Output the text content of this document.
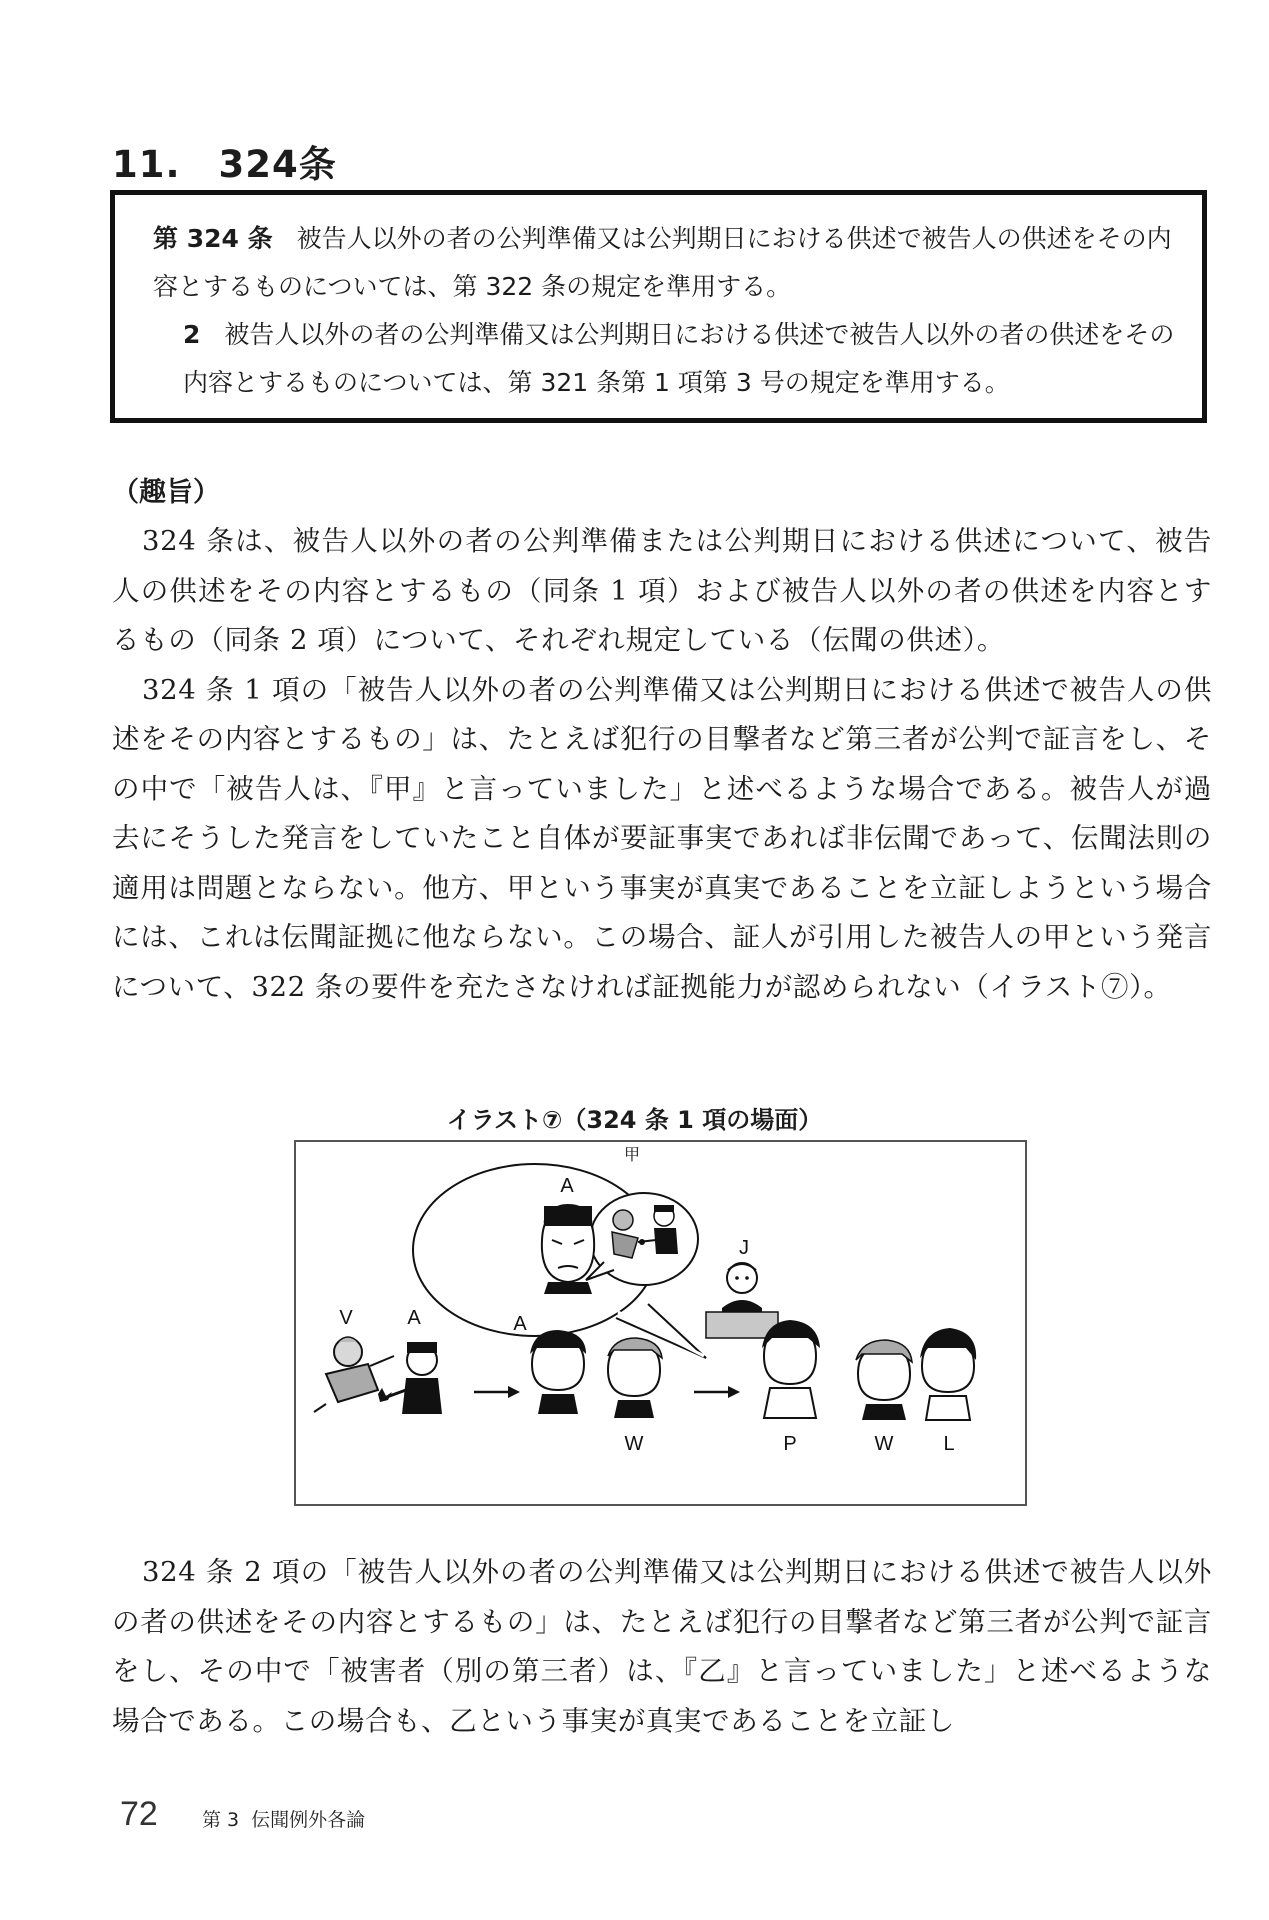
11. 324条

第 324 条 被告人以外の者の公判準備又は公判期日における供述で被告人の供述をその内容とするものについては、第 322 条の規定を準用する。

2 被告人以外の者の公判準備又は公判期日における供述で被告人以外の者の供述をその内容とするものについては、第 321 条第 1 項第 3 号の規定を準用する。

（趣旨）

324 条は、被告人以外の者の公判準備または公判期日における供述について、被告人の供述をその内容とするもの（同条 1 項）および被告人以外の者の供述を内容とするもの（同条 2 項）について、それぞれ規定している（伝聞の供述）。

324 条 1 項の「被告人以外の者の公判準備又は公判期日における供述で被告人の供述をその内容とするもの」は、たとえば犯行の目撃者など第三者が公判で証言をし、その中で「被告人は、『甲』と言っていました」と述べるような場合である。被告人が過去にそうした発言をしていたこと自体が要証事実であれば非伝聞であって、伝聞法則の適用は問題とならない。他方、甲という事実が真実であることを立証しようという場合には、これは伝聞証拠に他ならない。この場合、証人が引用した被告人の甲という発言について、322 条の要件を充たさなければ証拠能力が認められない（イラスト⑦）。

イラスト⑦（324 条 1 項の場面）

甲
A
J
V	A	A
W	P	W L

324 条 2 項の「被告人以外の者の公判準備又は公判期日における供述で被告人以外の者の供述をその内容とするもの」は、たとえば犯行の目撃者など第三者が公判で証言をし、その中で「被害者（別の第三者）は、『乙』と言っていました」と述べるような場合である。この場合も、乙という事実が真実であることを立証し

72 第 3 伝聞例外各論
